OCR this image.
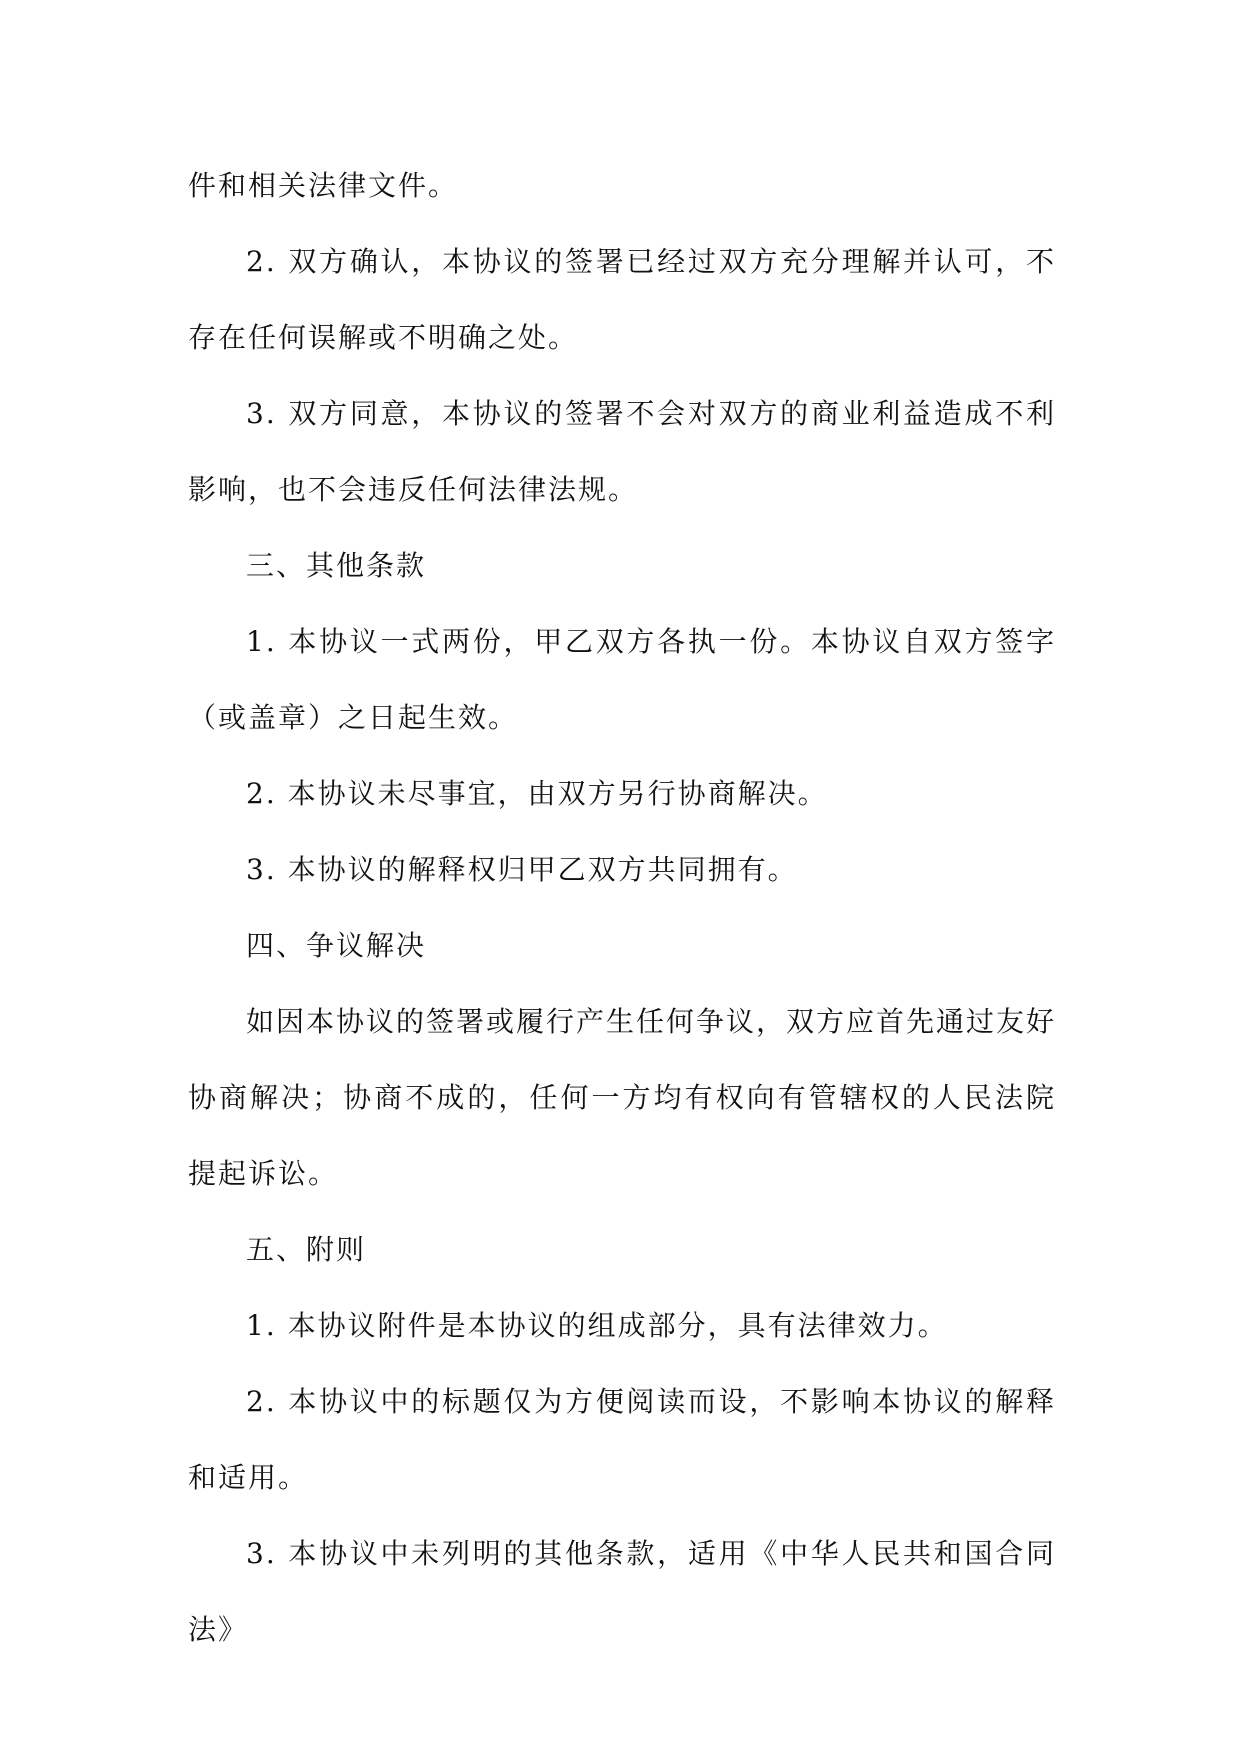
件和相关法律文件。

2. 双方确认，本协议的签署已经过双方充分理解并认可，不存在任何误解或不明确之处。

3. 双方同意，本协议的签署不会对双方的商业利益造成不利影响，也不会违反任何法律法规。

三、其他条款

1. 本协议一式两份，甲乙双方各执一份。本协议自双方签字（或盖章）之日起生效。

2. 本协议未尽事宜，由双方另行协商解决。

3. 本协议的解释权归甲乙双方共同拥有。

四、争议解决

如因本协议的签署或履行产生任何争议，双方应首先通过友好协商解决；协商不成的，任何一方均有权向有管辖权的人民法院提起诉讼。

五、附则

1. 本协议附件是本协议的组成部分，具有法律效力。

2. 本协议中的标题仅为方便阅读而设，不影响本协议的解释和适用。

3. 本协议中未列明的其他条款，适用《中华人民共和国合同法》
